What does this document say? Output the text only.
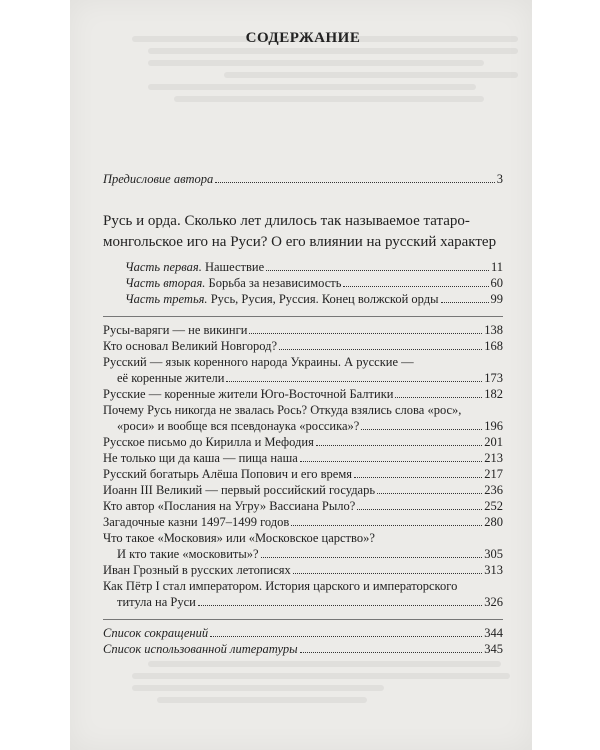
СОДЕРЖАНИЕ
Предисловие автора	3
Русь и орда. Сколько лет длилось так называемое татаро-
монгольское иго на Руси? О его влиянии на русский характер
Часть первая. Нашествие	11
Часть вторая. Борьба за независимость	60
Часть третья. Русь, Русия, Руссия. Конец волжской орды	99
Русы-варяги — не викинги	138
Кто основал Великий Новгород?	168
Русский — язык коренного народа Украины. А русские —
её коренные жители	173
Русские — коренные жители Юго-Восточной Балтики	182
Почему Русь никогда не звалась Рось? Откуда взялись слова «рос»,
«роси» и вообще вся псевдонаука «россика»?	196
Русское письмо до Кирилла и Мефодия	201
Не только щи да каша — пища наша	213
Русский богатырь Алёша Попович и его время	217
Иоанн III Великий — первый российский государь	236
Кто автор «Послания на Угру» Вассиана Рыло?	252
Загадочные казни 1497–1499 годов	280
Что такое «Московия» или «Московское царство»?
И кто такие «московиты»?	305
Иван Грозный в русских летописях	313
Как Пётр I стал императором. История царского и императорского
титула на Руси	326
Список сокращений	344
Список использованной литературы	345
